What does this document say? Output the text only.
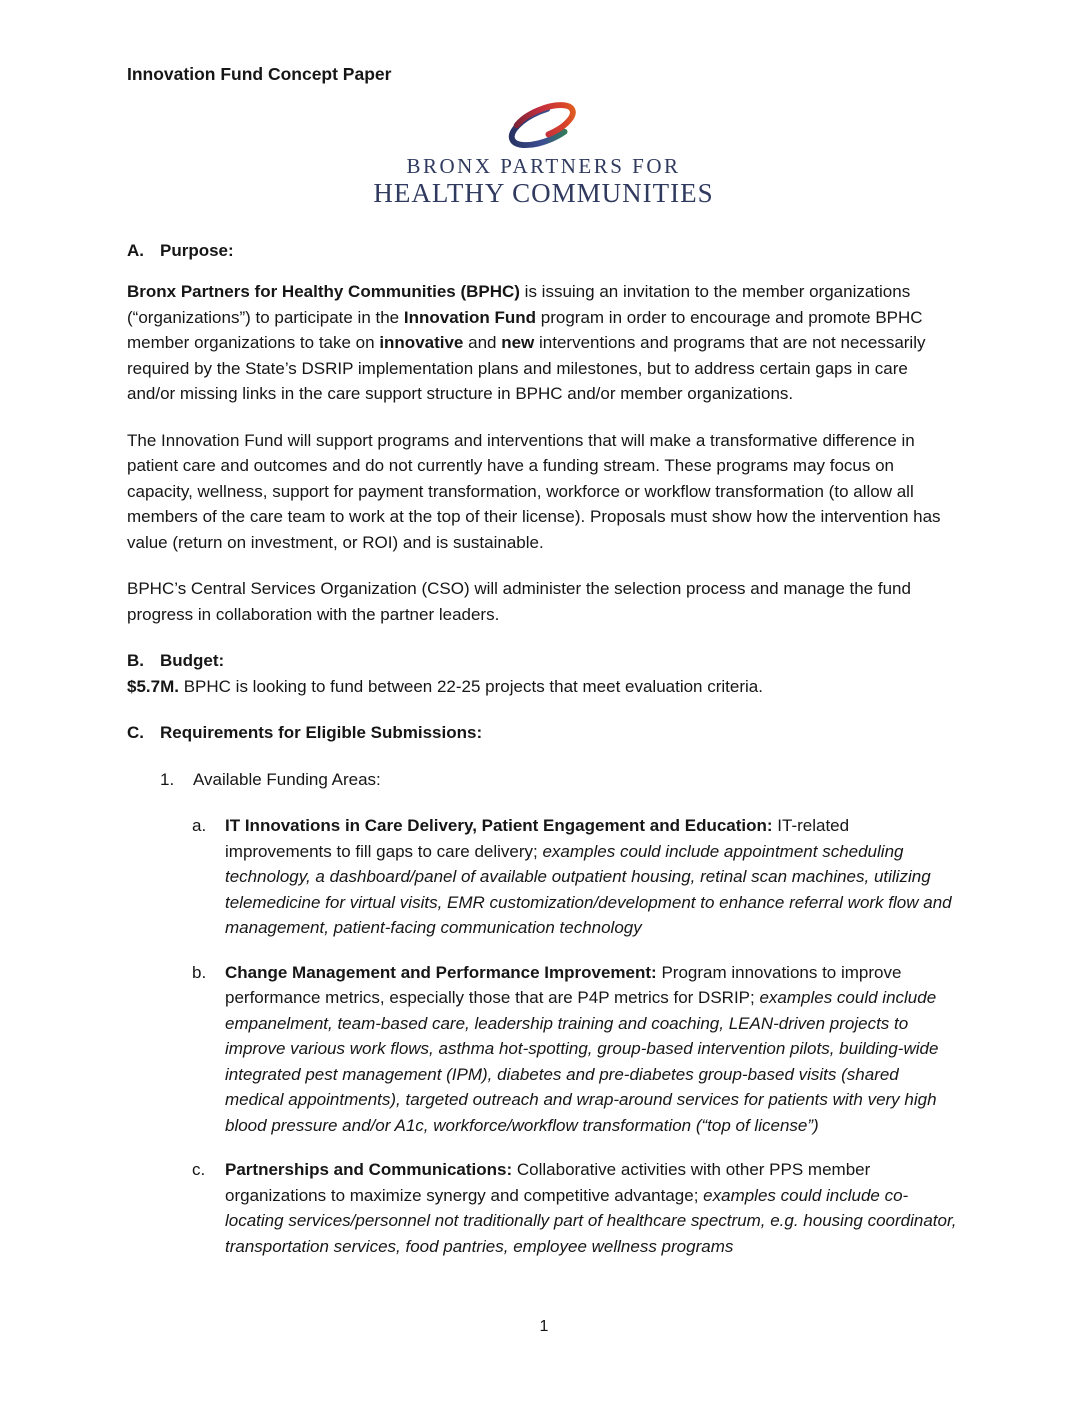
Innovation Fund Concept Paper
BRONX PARTNERS FOR
HEALTHY COMMUNITIES
A. Purpose:

Bronx Partners for Healthy Communities (BPHC) is issuing an invitation to the member organizations (“organizations”) to participate in the Innovation Fund program in order to encourage and promote BPHC member organizations to take on innovative and new interventions and programs that are not necessarily required by the State’s DSRIP implementation plans and milestones, but to address certain gaps in care and/or missing links in the care support structure in BPHC and/or member organizations.

The Innovation Fund will support programs and interventions that will make a transformative difference in patient care and outcomes and do not currently have a funding stream. These programs may focus on capacity, wellness, support for payment transformation, workforce or workflow transformation (to allow all members of the care team to work at the top of their license). Proposals must show how the intervention has value (return on investment, or ROI) and is sustainable.

BPHC’s Central Services Organization (CSO) will administer the selection process and manage the fund progress in collaboration with the partner leaders.

B. Budget:

$5.7M. BPHC is looking to fund between 22-25 projects that meet evaluation criteria.

C. Requirements for Eligible Submissions:
1.	Available Funding Areas:
a.	IT Innovations in Care Delivery, Patient Engagement and Education: IT-related improvements to fill gaps to care delivery; examples could include appointment scheduling technology, a dashboard/panel of available outpatient housing, retinal scan machines, utilizing telemedicine for virtual visits, EMR customization/development to enhance referral work flow and management, patient-facing communication technology
b.	Change Management and Performance Improvement: Program innovations to improve performance metrics, especially those that are P4P metrics for DSRIP; examples could include empanelment, team-based care, leadership training and coaching, LEAN-driven projects to improve various work flows, asthma hot-spotting, group-based intervention pilots, building-wide integrated pest management (IPM), diabetes and pre-diabetes group-based visits (shared medical appointments), targeted outreach and wrap-around services for patients with very high blood pressure and/or A1c, workforce/workflow transformation (“top of license”)
c.	Partnerships and Communications: Collaborative activities with other PPS member organizations to maximize synergy and competitive advantage; examples could include co-locating services/personnel not traditionally part of healthcare spectrum, e.g. housing coordinator, transportation services, food pantries, employee wellness programs
1
